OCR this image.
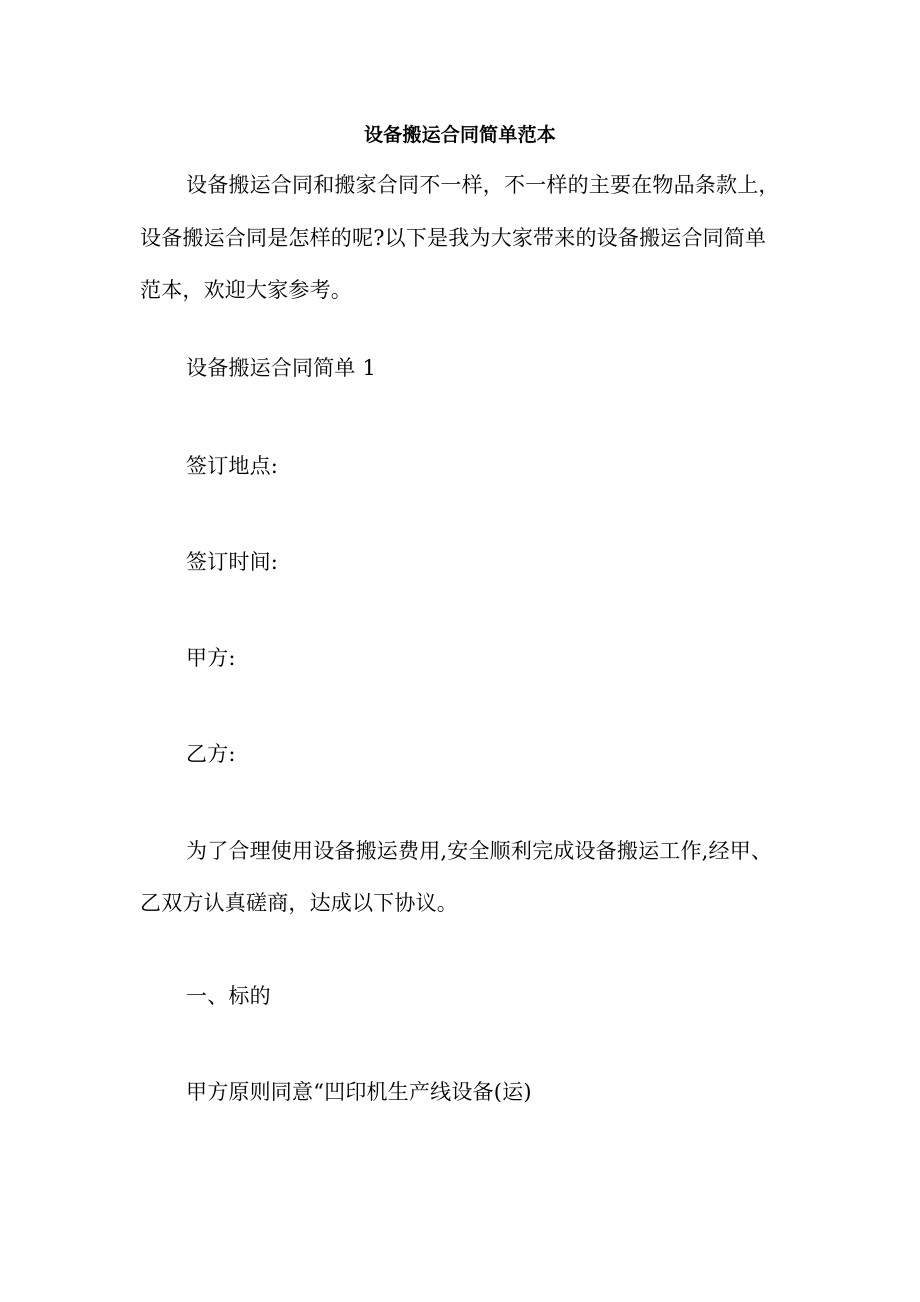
设备搬运合同简单范本
设备搬运合同和搬家合同不一样，不一样的主要在物品条款上，
设备搬运合同是怎样的呢?以下是我为大家带来的设备搬运合同简单
范本，欢迎大家参考。
设备搬运合同简单 1
签订地点:
签订时间:
甲方:
乙方:
为了合理使用设备搬运费用,安全顺利完成设备搬运工作,经甲、
乙双方认真磋商，达成以下协议。
一、标的
甲方原则同意“凹印机生产线设备(运)
